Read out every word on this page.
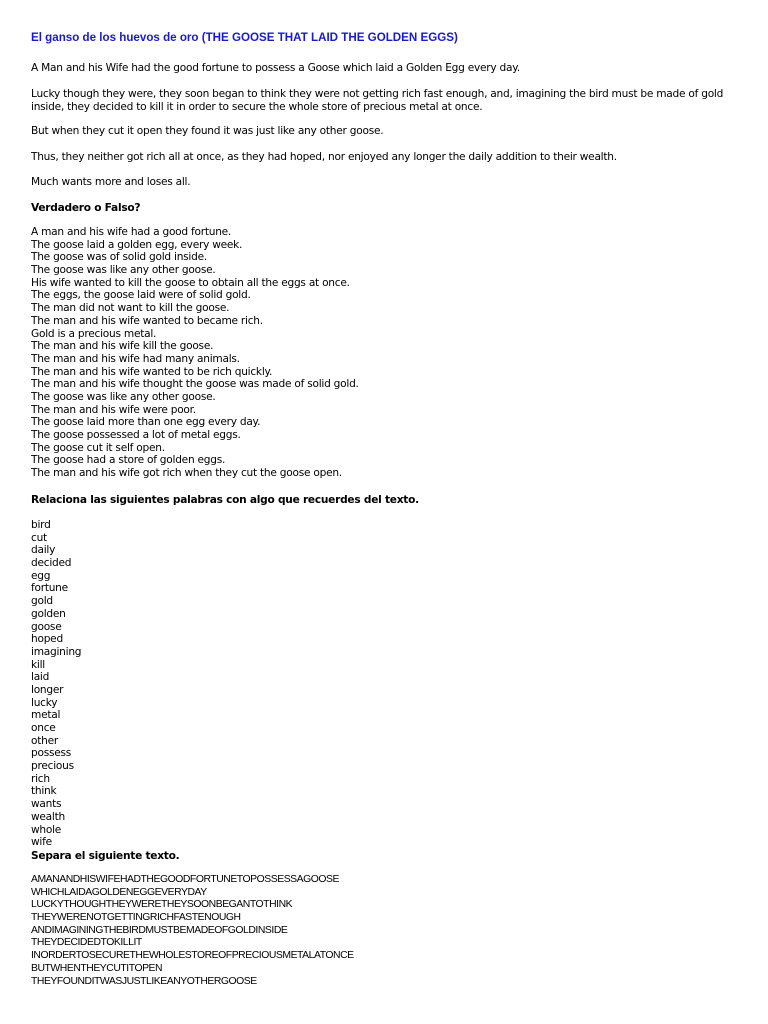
El ganso de los huevos de oro (THE GOOSE THAT LAID THE GOLDEN EGGS)
A Man and his Wife had the good fortune to possess a Goose which laid a Golden Egg every day.
Lucky though they were, they soon began to think they were not getting rich fast enough, and, imagining the bird must be made of gold inside, they decided to kill it in order to secure the whole store of precious metal at once.
But when they cut it open they found it was just like any other goose.
Thus, they neither got rich all at once, as they had hoped, nor enjoyed any longer the daily addition to their wealth.
Much wants more and loses all.
Verdadero o Falso?
A man and his wife had a good fortune.
The goose laid a golden egg, every week.
The goose was of solid gold inside.
The goose was like any other goose.
His wife wanted to kill the goose to obtain all the eggs at once.
The eggs, the goose laid were of solid gold.
The man did not want to kill the goose.
The man and his wife wanted to became rich.
Gold is a precious metal.
The man and his wife kill the goose.
The man and his wife had many animals.
The man and his wife wanted to be rich quickly.
The man and his wife thought the goose was made of solid gold.
The goose was like any other goose.
The man and his wife were poor.
The goose laid more than one egg every day.
The goose possessed a lot of metal eggs.
The goose cut it self open.
The goose had a store of golden eggs.
The man and his wife got rich when they cut the goose open.
Relaciona las siguientes palabras con algo que recuerdes del texto.
bird
cut
daily
decided
egg
fortune
gold
golden
goose
hoped
imagining
kill
laid
longer
lucky
metal
once
other
possess
precious
rich
think
wants
wealth
whole
wife
Separa el siguiente texto.
AMANANDHISWIFEHADTHEGOODFORTUNETOPOSSESSAGOOSE
WHICHLAIDAGOLDENEGGEVERYDAY
LUCKYTHOUGHTHEYWERETHEYSOONBEGANTOTHINK
THEYWERENOTGETTINGRICHFASTENOUGH
ANDIMAGININGTHEBIRDMUSTBEMADEOFGOLDINSIDE
THEYDECIDEDTOKILLIT
INORDERTOSECURETHEWHOLESTOREOFPRECIOUSMETALATONCE
BUTWHENTHEYCUTITOPEN
THEYFOUNDITWASJUSTLIKEANYOTHERGOOSE
